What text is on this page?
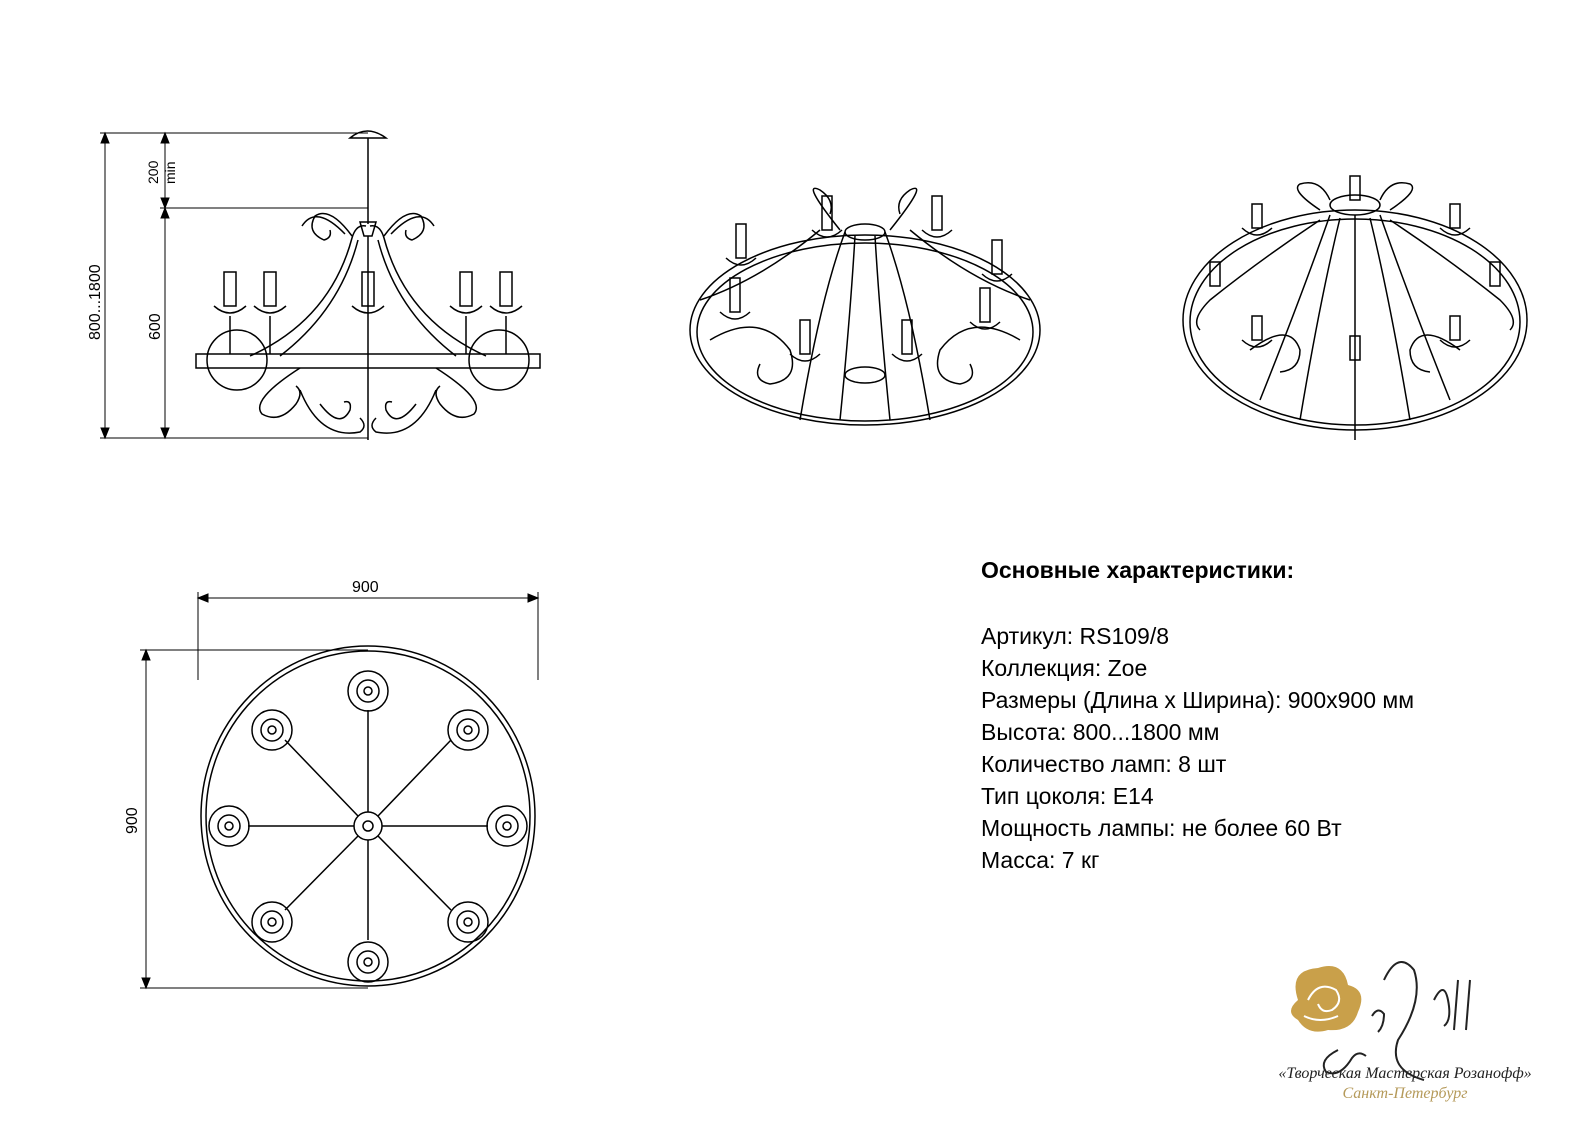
800...1800
200 min
600
900
900
Основные характеристики:
Артикул: RS109/8
Коллекция: Zoe
Размеры (Длина х Ширина): 900х900 мм
Высота: 800...1800 мм
Количество ламп: 8 шт
Тип цоколя: Е14
Мощность лампы: не более 60 Вт
Масса: 7 кг
«Творческая Мастерская Розанофф»
Санкт-Петербург
